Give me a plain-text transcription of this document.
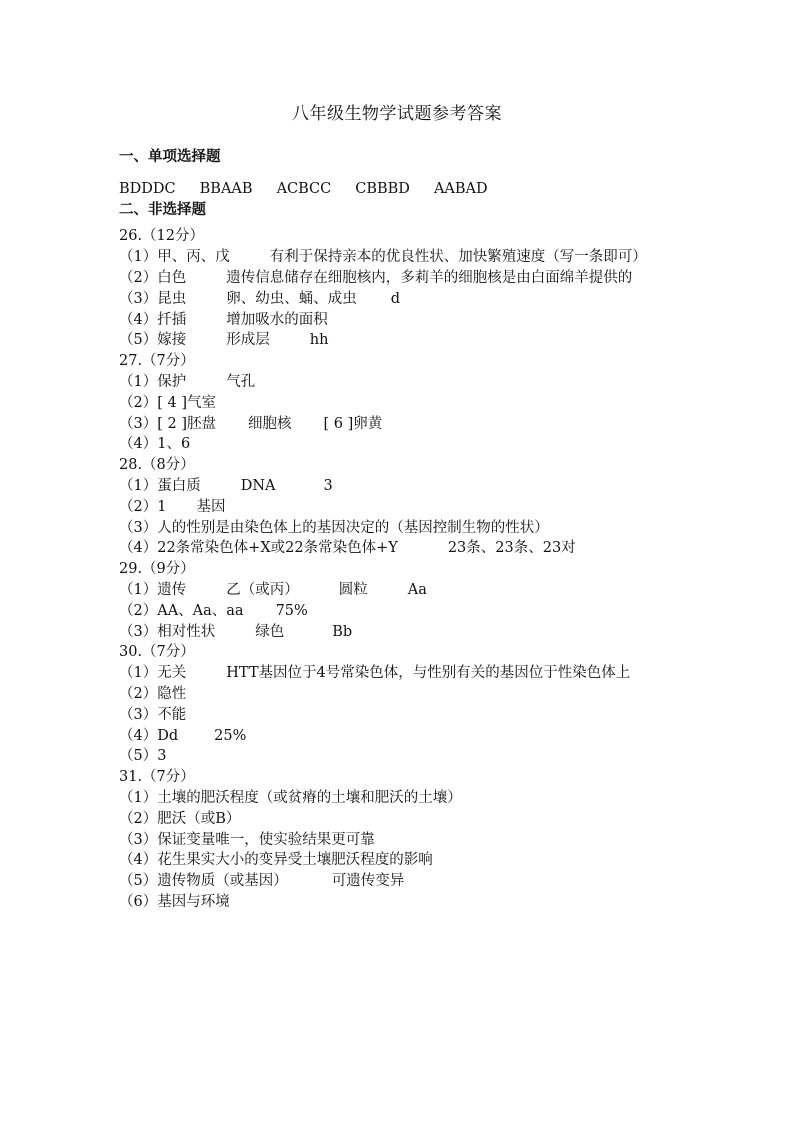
八年级生物学试题参考答案
一、单项选择题
BDDDC BBAAB ACBCC CBBBD AABAD
二、非选择题
26.（12分）
（1）甲、丙、戊	有利于保持亲本的优良性状、加快繁殖速度（写一条即可）
（2）白色	遗传信息储存在细胞核内，多莉羊的细胞核是由白面绵羊提供的
（3）昆虫	卵、幼虫、蛹、成虫 d
（4）扦插	增加吸水的面积
（5）嫁接	形成层	hh
27.（7分）
（1）保护	气孔
（2）[ 4 ]气室
（3）[ 2 ]胚盘 细胞核 [ 6 ]卵黄
（4）1、6
28.（8分）
（1）蛋白质	DNA	3
（2）1 基因
（3）人的性别是由染色体上的基因决定的（基因控制生物的性状）
（4）22条常染色体+X或22条常染色体+Y	23条、23条、23对
29.（9分）
（1）遗传	乙（或丙）	圆粒	Aa
（2）AA、Aa、aa 75%
（3）相对性状	绿色	Bb
30.（7分）
（1）无关	HTT基因位于4号常染色体，与性别有关的基因位于性染色体上
（2）隐性
（3）不能
（4）Dd 25%
（5）3
31.（7分）
（1）土壤的肥沃程度（或贫瘠的土壤和肥沃的土壤）
（2）肥沃（或B）
（3）保证变量唯一，使实验结果更可靠
（4）花生果实大小的变异受土壤肥沃程度的影响
（5）遗传物质（或基因）	可遗传变异
（6）基因与环境
